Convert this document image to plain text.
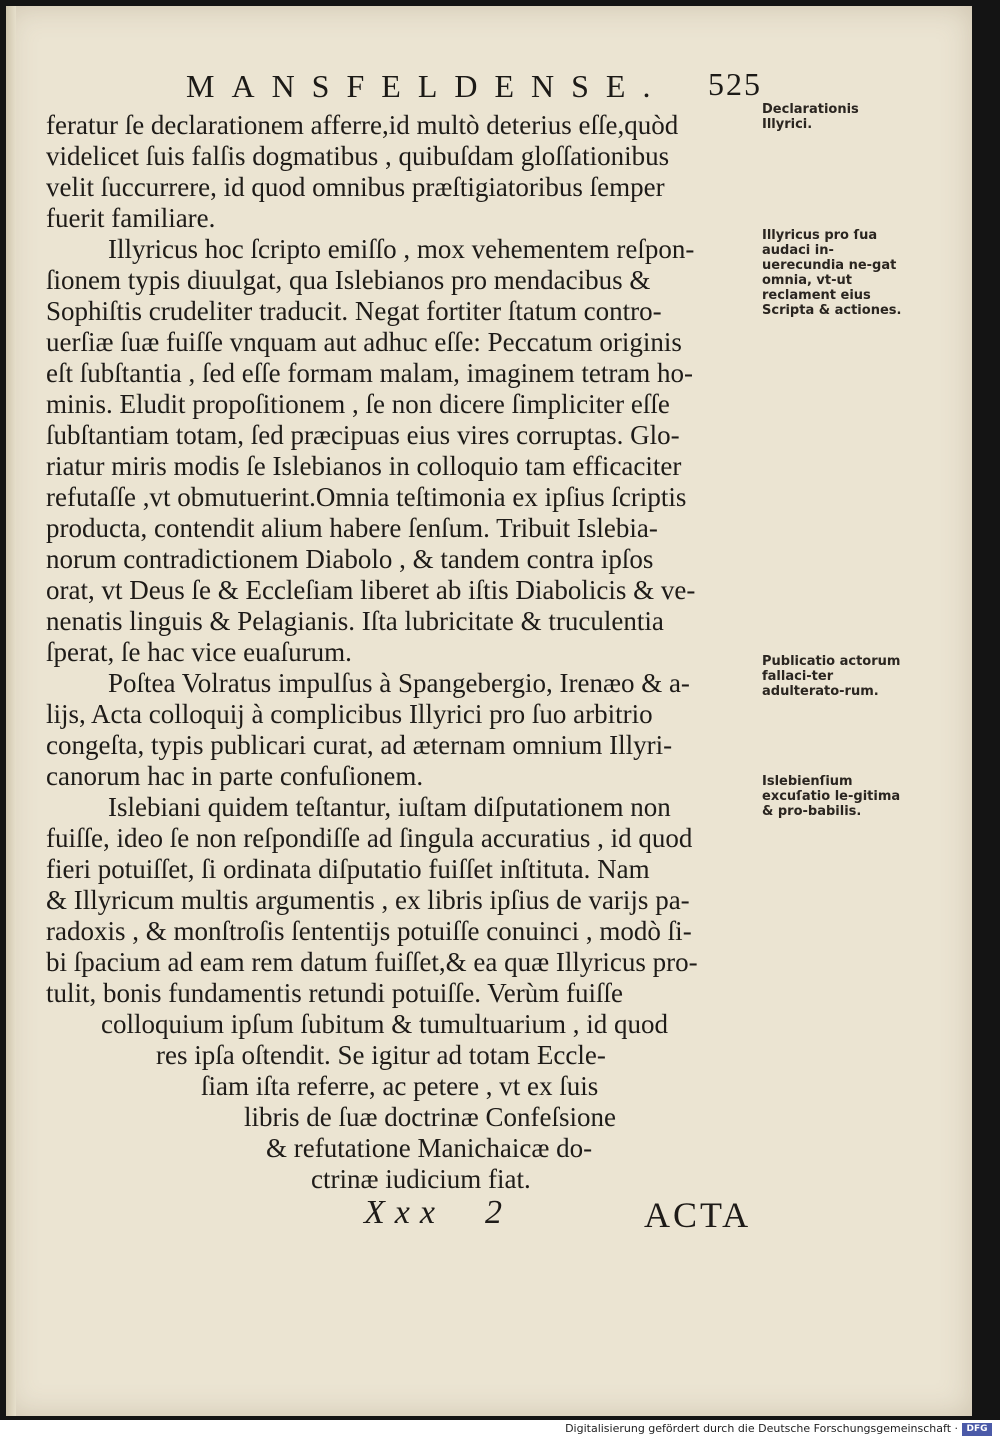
MANSFELDENSE. 525
feratur ſe declarationem afferre,id multò deterius eſſe,quòd
videlicet ſuis falſis dogmatibus , quibuſdam gloſſationibus
velit ſuccurrere, id quod omnibus præſtigiatoribus ſemper
fuerit familiare.
Illyricus hoc ſcripto emiſſo , mox vehementem reſpon-
ſionem typis diuulgat, qua Islebianos pro mendacibus &
Sophiſtis crudeliter traducit. Negat fortiter ſtatum contro-
uerſiæ ſuæ fuiſſe vnquam aut adhuc eſſe: Peccatum originis
eſt ſubſtantia , ſed eſſe formam malam, imaginem tetram ho-
minis. Eludit propoſitionem , ſe non dicere ſimpliciter eſſe
ſubſtantiam totam, ſed præcipuas eius vires corruptas. Glo-
riatur miris modis ſe Islebianos in colloquio tam efficaciter
refutaſſe ,vt obmutuerint.Omnia teſtimonia ex ipſius ſcriptis
producta, contendit alium habere ſenſum. Tribuit Islebia-
norum contradictionem Diabolo , & tandem contra ipſos
orat, vt Deus ſe & Eccleſiam liberet ab iſtis Diabolicis & ve-
nenatis linguis & Pelagianis. Iſta lubricitate & truculentia
ſperat, ſe hac vice euaſurum.
Poſtea Volratus impulſus à Spangebergio, Irenæo & a-
lijs, Acta colloquij à complicibus Illyrici pro ſuo arbitrio
congeſta, typis publicari curat, ad æternam omnium Illyri-
canorum hac in parte confuſionem.
Islebiani quidem teſtantur, iuſtam diſputationem non
fuiſſe, ideo ſe non reſpondiſſe ad ſingula accuratius , id quod
fieri potuiſſet, ſi ordinata diſputatio fuiſſet inſtituta. Nam
& Illyricum multis argumentis , ex libris ipſius de varijs pa-
radoxis , & monſtroſis ſententijs potuiſſe conuinci , modò ſi-
bi ſpacium ad eam rem datum fuiſſet,& ea quæ Illyricus pro-
tulit, bonis fundamentis retundi potuiſſe. Verùm fuiſſe
colloquium ipſum ſubitum & tumultuarium , id quod
res ipſa oſtendit. Se igitur ad totam Eccle-
ſiam iſta referre, ac petere , vt ex ſuis
libris de ſuæ doctrinæ Confeſsione
& refutatione Manichaicæ do-
ctrinæ iudicium fiat.
Declarationis Illyrici.
Illyricus pro ſua audaci in-uerecundia ne-gat omnia, vt-ut reclament eius Scripta & actiones.
Publicatio actorum fallaci-ter adulterato-rum.
Islebienſium excuſatio le-gitima & pro-babilis.
Xxx 2	ACTA
Digitalisierung gefördert durch die Deutsche Forschungsgemeinschaft · DFG
